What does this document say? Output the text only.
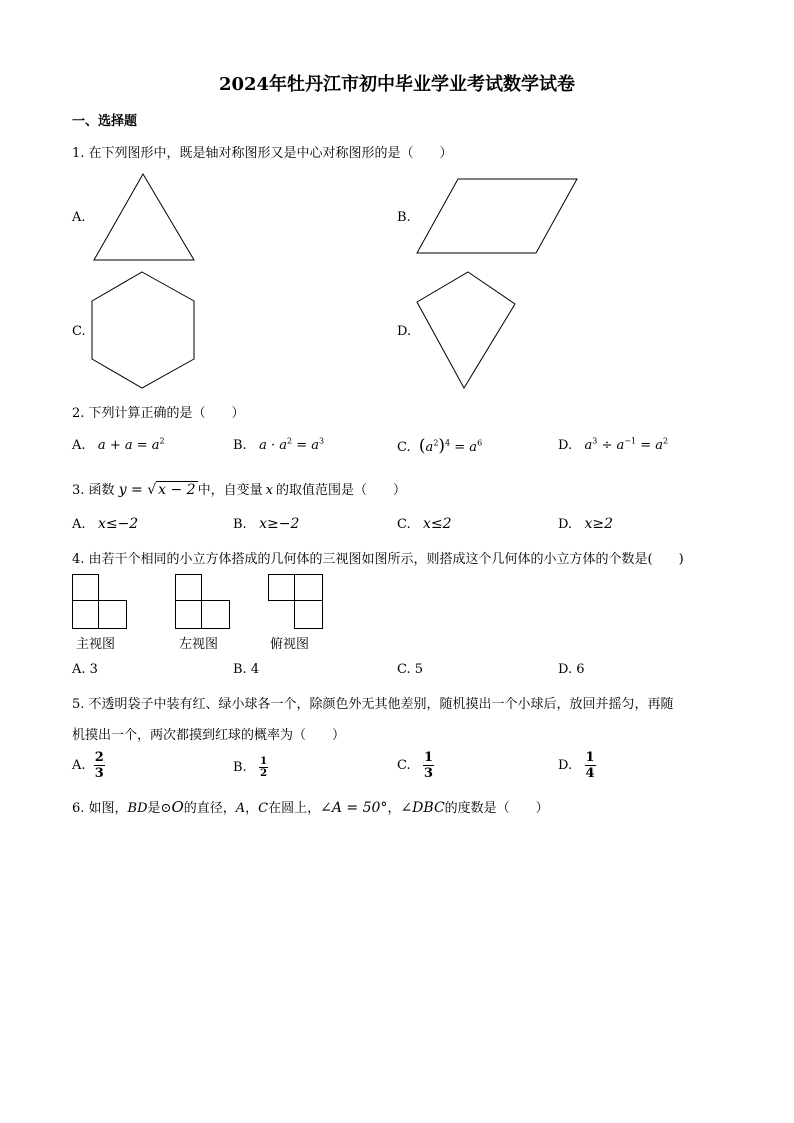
2024年牡丹江市初中毕业学业考试数学试卷
一、选择题
1. 在下列图形中，既是轴对称图形又是中心对称图形的是（　　）
A.	B.
C.	D.
2. 下列计算正确的是（　　）
A.   $a + a = a^2$	B.   $a \cdot a^2 = a^3$	C. $(a^2)^4 = a^6$	D.   $a^3 \div a^{-1} = a^2$
3. 函数 y = √ x − 2 中，自变量 x 的取值范围是（　　）
A. x≤−2	B. x≥−2	C. x≤2	D. x≥2
4. 由若干个相同的小立方体搭成的几何体的三视图如图所示，则搭成这个几何体的小立方体的个数是(　　)
主视图	左视图	俯视图
A. 3	B. 4	C. 5	D. 6
5. 不透明袋子中装有红、绿小球各一个，除颜色外无其他差别，随机摸出一个小球后，放回并摇匀，再随
机摸出一个，两次都摸到红球的概率为（　　）
A. $\frac{2}{3}$	B. $\frac{1}{2}$	C. $\frac{1}{3}$	D. $\frac{1}{4}$
6. 如图，BD是⊙O的直径，A，C在圆上，∠A = 50°，∠DBC的度数是（　　）
